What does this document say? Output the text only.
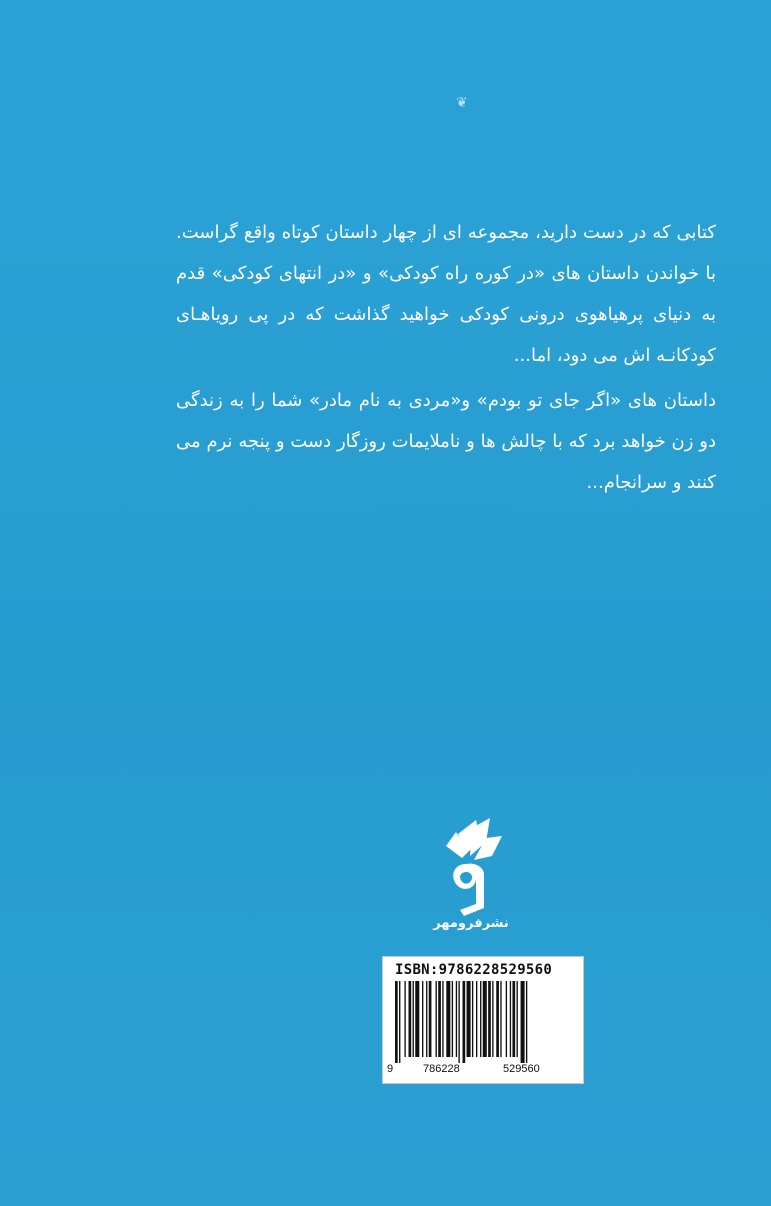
❦

کتابی که در دست دارید، مجموعه ای از چهار داستان کوتاه واقع گراست. با خواندن داستان های «در کوره راه کودکی» و «در انتهای کودکی» قدم به دنیای پرهیاهوی درونی کودکی خواهید گذاشت که در پی رویاهـای کودکانـه اش می دود، اما...

داستان های «اگر جای تو بودم» و«مردی به نام مادر» شما را به زندگی دو زن خواهد برد که با چالش ها و ناملایمات روزگار دست و پنجه نرم می کنند و سرانجام...

نشرفرومهر
ISBN:9786228529560
9	786228	529560
